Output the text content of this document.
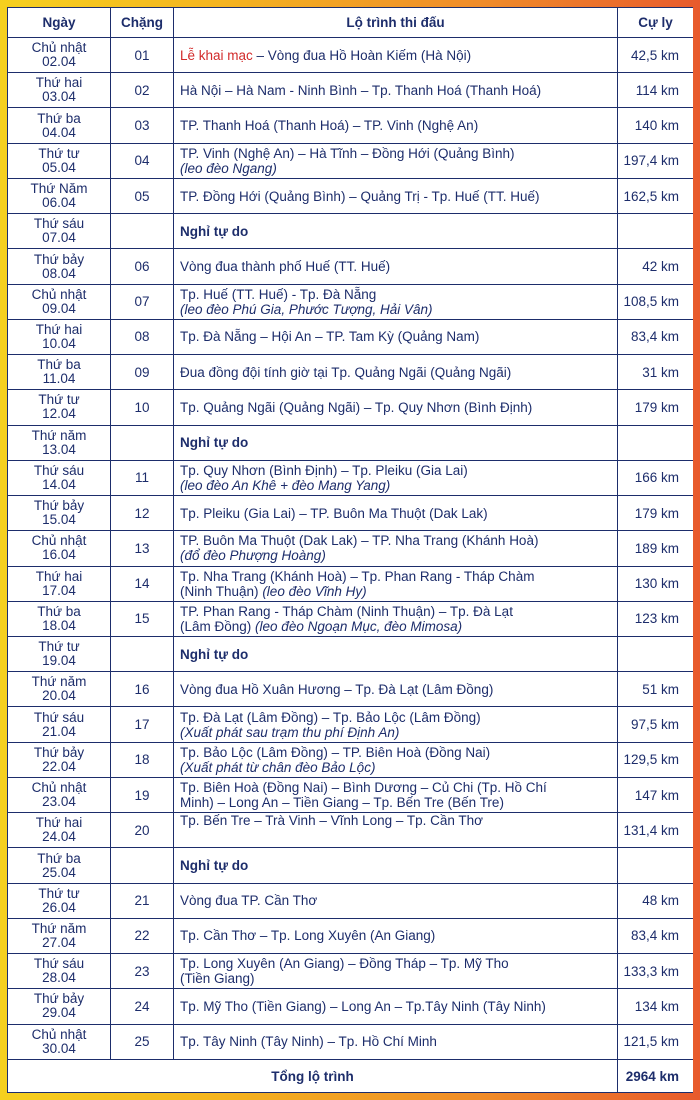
Ngày	Chặng	Lộ trình thi đấu	Cự ly

Chủ nhật
02.04	01	Lễ khai mạc – Vòng đua Hồ Hoàn Kiếm (Hà Nội)	42,5 km

Thứ hai
03.04	02	Hà Nội – Hà Nam - Ninh Bình – Tp. Thanh Hoá (Thanh Hoá)	114 km

Thứ ba
04.04	03	TP. Thanh Hoá (Thanh Hoá) – TP. Vinh (Nghệ An)	140 km

Thứ tư
05.04	04	TP. Vinh (Nghệ An) – Hà Tĩnh – Đồng Hới (Quảng Bình)
(leo đèo Ngang)	197,4 km

Thứ Năm
06.04	05	TP. Đồng Hới (Quảng Bình) – Quảng Trị - Tp. Huế (TT. Huế)	162,5 km

Thứ sáu
07.04		Nghỉ tự do	

Thứ bảy
08.04	06	Vòng đua thành phố Huế (TT. Huế)	42 km

Chủ nhật
09.04	07	Tp. Huế (TT. Huế) - Tp. Đà Nẵng
(leo đèo Phú Gia, Phước Tượng, Hải Vân)	108,5 km

Thứ hai
10.04	08	Tp. Đà Nẵng – Hội An – TP. Tam Kỳ (Quảng Nam)	83,4 km

Thứ ba
11.04	09	Đua đồng đội tính giờ tại Tp. Quảng Ngãi (Quảng Ngãi)	31 km

Thứ tư
12.04	10	Tp. Quảng Ngãi (Quảng Ngãi) – Tp. Quy Nhơn (Bình Định)	179 km

Thứ năm
13.04		Nghỉ tự do	

Thứ sáu
14.04	11	Tp. Quy Nhơn (Bình Định) – Tp. Pleiku (Gia Lai)
(leo đèo An Khê + đèo Mang Yang)	166 km

Thứ bảy
15.04	12	Tp. Pleiku (Gia Lai) – TP. Buôn Ma Thuột (Dak Lak)	179 km

Chủ nhật
16.04	13	TP. Buôn Ma Thuột (Dak Lak) – TP. Nha Trang (Khánh Hoà)
(đổ đèo Phượng Hoàng)	189 km

Thứ hai
17.04	14	Tp. Nha Trang (Khánh Hoà) – Tp. Phan Rang - Tháp Chàm
(Ninh Thuận) (leo đèo Vĩnh Hy)	130 km

Thứ ba
18.04	15	TP. Phan Rang - Tháp Chàm (Ninh Thuận) – Tp. Đà Lạt
(Lâm Đồng) (leo đèo Ngoạn Mục, đèo Mimosa)	123 km

Thứ tư
19.04		Nghỉ tự do	

Thứ năm
20.04	16	Vòng đua Hồ Xuân Hương – Tp. Đà Lạt (Lâm Đồng)	51 km

Thứ sáu
21.04	17	Tp. Đà Lạt (Lâm Đồng) – Tp. Bảo Lộc (Lâm Đồng)
(Xuất phát sau trạm thu phí Định An)	97,5 km

Thứ bảy
22.04	18	Tp. Bảo Lộc (Lâm Đồng) – TP. Biên Hoà (Đồng Nai)
(Xuất phát từ chân đèo Bảo Lộc)	129,5 km

Chủ nhật
23.04	19	Tp. Biên Hoà (Đồng Nai) – Bình Dương – Củ Chi (Tp. Hồ Chí
Minh) – Long An – Tiền Giang – Tp. Bến Tre (Bến Tre)	147 km

Thứ hai
24.04	20	Tp. Bến Tre – Trà Vinh – Vĩnh Long – Tp. Cần Thơ	131,4 km

Thứ ba
25.04		Nghỉ tự do	

Thứ tư
26.04	21	Vòng đua TP. Cần Thơ	48 km

Thứ năm
27.04	22	Tp. Cần Thơ – Tp. Long Xuyên (An Giang)	83,4 km

Thứ sáu
28.04	23	Tp. Long Xuyên (An Giang) – Đồng Tháp – Tp. Mỹ Tho
(Tiền Giang)	133,3 km

Thứ bảy
29.04	24	Tp. Mỹ Tho (Tiền Giang) – Long An – Tp.Tây Ninh (Tây Ninh)	134 km

Chủ nhật
30.04	25	Tp. Tây Ninh (Tây Ninh) – Tp. Hồ Chí Minh	121,5 km
Tổng lộ trình			2964 km
